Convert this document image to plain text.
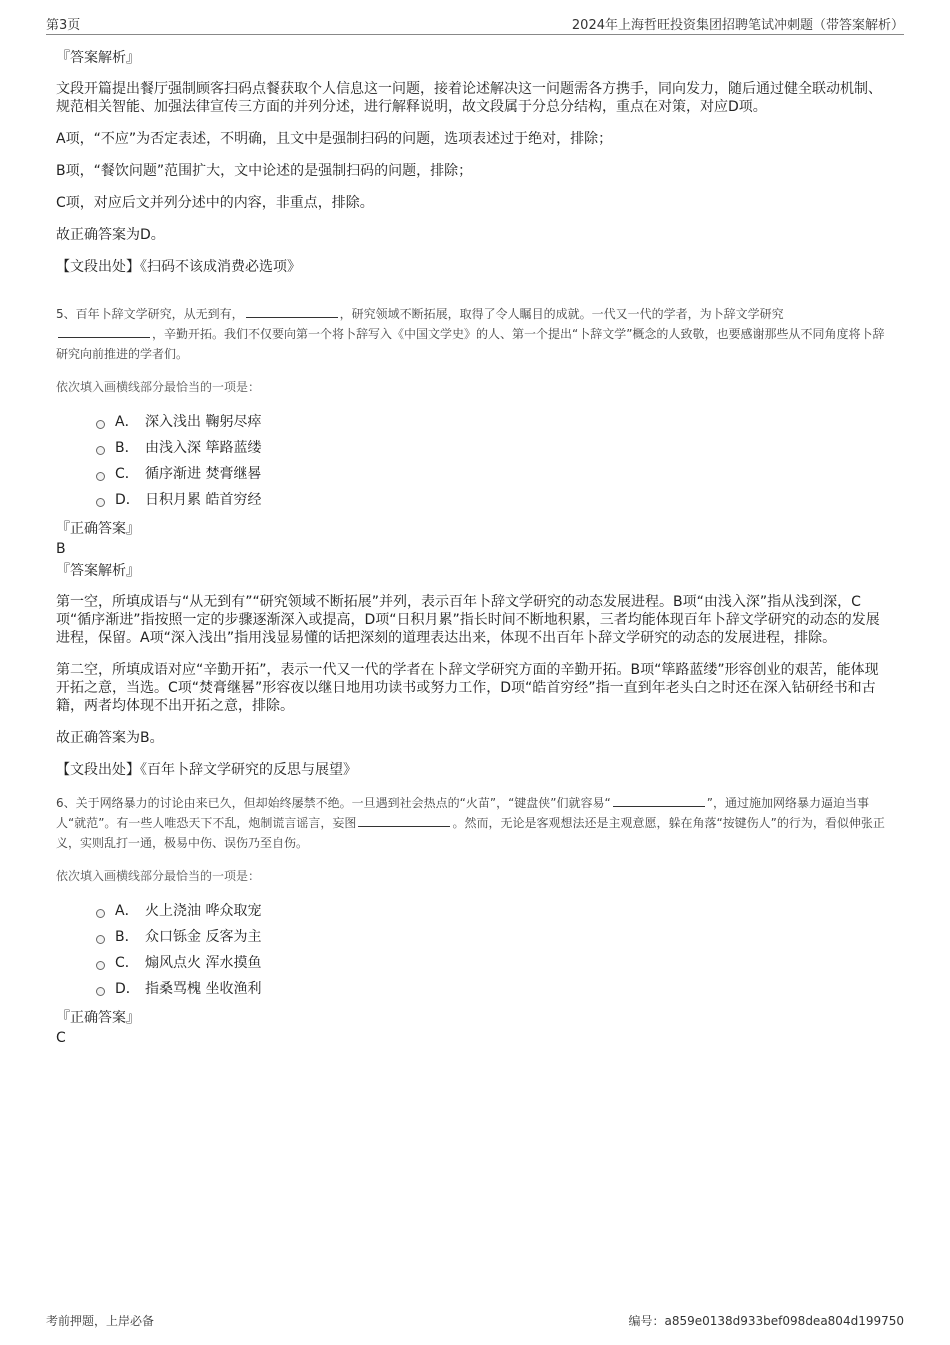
第3页	2024年上海哲旺投资集团招聘笔试冲刺题（带答案解析）
『答案解析』
文段开篇提出餐厅强制顾客扫码点餐获取个人信息这一问题，接着论述解决这一问题需各方携手，同向发力，随后通过健全联动机制、规范相关智能、加强法律宣传三方面的并列分述，进行解释说明，故文段属于分总分结构，重点在对策，对应D项。
A项，“不应”为否定表述，不明确，且文中是强制扫码的问题，选项表述过于绝对，排除；
B项，“餐饮问题”范围扩大，文中论述的是强制扫码的问题，排除；
C项，对应后文并列分述中的内容，非重点，排除。
故正确答案为D。
【文段出处】《扫码不该成消费必选项》
5、百年卜辞文学研究，从无到有，	，研究领域不断拓展，取得了令人瞩目的成就。一代又一代的学者，为卜辞文学研究
，辛勤开拓。我们不仅要向第一个将卜辞写入《中国文学史》的人、第一个提出“卜辞文学”概念的人致敬，也要感谢那些从不同角度将卜辞研究向前推进的学者们。
依次填入画横线部分最恰当的一项是：
A． 深入浅出 鞠躬尽瘁
B． 由浅入深 筚路蓝缕
C． 循序渐进 焚膏继晷
D． 日积月累 皓首穷经
『正确答案』
B
『答案解析』
第一空，所填成语与“从无到有”“研究领域不断拓展”并列，表示百年卜辞文学研究的动态发展进程。B项“由浅入深”指从浅到深，C项“循序渐进”指按照一定的步骤逐渐深入或提高，D项“日积月累”指长时间不断地积累，三者均能体现百年卜辞文学研究的动态的发展进程，保留。A项“深入浅出”指用浅显易懂的话把深刻的道理表达出来，体现不出百年卜辞文学研究的动态的发展进程，排除。
第二空，所填成语对应“辛勤开拓”，表示一代又一代的学者在卜辞文学研究方面的辛勤开拓。B项“筚路蓝缕”形容创业的艰苦，能体现开拓之意，当选。C项“焚膏继晷”形容夜以继日地用功读书或努力工作，D项“皓首穷经”指一直到年老头白之时还在深入钻研经书和古籍，两者均体现不出开拓之意，排除。
故正确答案为B。
【文段出处】《百年卜辞文学研究的反思与展望》
6、关于网络暴力的讨论由来已久，但却始终屡禁不绝。一旦遇到社会热点的“火苗”，“键盘侠”们就容易“	”，通过施加网络暴力逼迫当事人“就范”。有一些人唯恐天下不乱，炮制谎言谣言，妄图	。然而，无论是客观想法还是主观意愿，躲在角落“按键伤人”的行为，看似伸张正义，实则乱打一通，极易中伤、误伤乃至自伤。
依次填入画横线部分最恰当的一项是：
A． 火上浇油 哗众取宠
B． 众口铄金 反客为主
C． 煽风点火 浑水摸鱼
D． 指桑骂槐 坐收渔利
『正确答案』
C
考前押题，上岸必备	编号：a859e0138d933bef098dea804d199750
